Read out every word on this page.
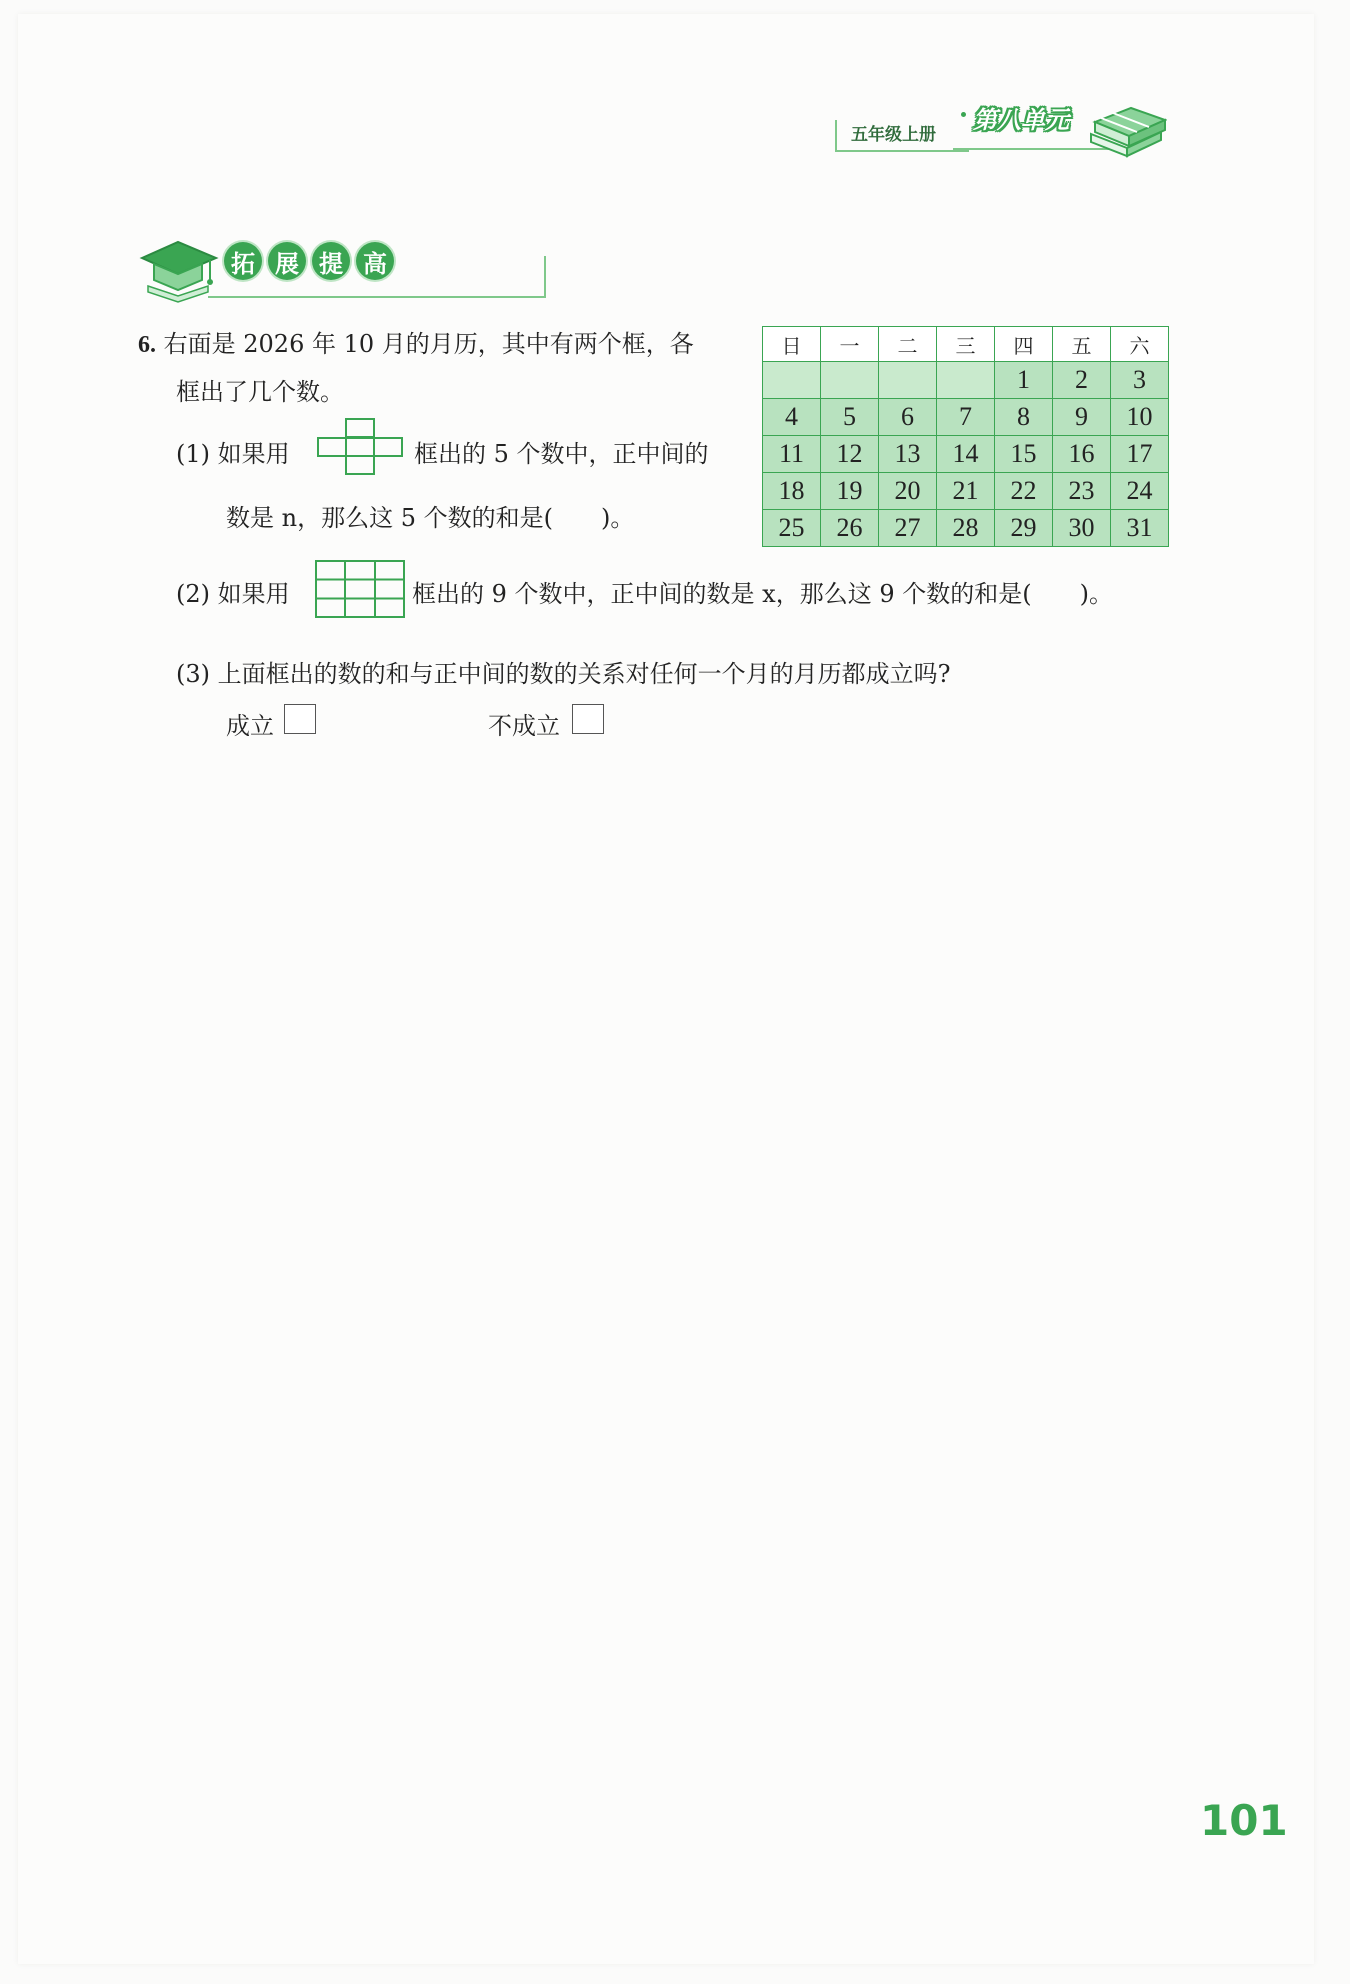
五年级上册
第八单元
拓 展 提 高
6. 右面是 2026 年 10 月的月历，其中有两个框，各
框出了几个数。
(1) 如果用	框出的 5 个数中，正中间的
数是 n，那么这 5 个数的和是(　　)。
日	一	二	三	四	五	六
				1	2	3
4	5	6	7	8	9	10
11	12	13	14	15	16	17
18	19	20	21	22	23	24
25	26	27	28	29	30	31
(2) 如果用	框出的 9 个数中，正中间的数是 x，那么这 9 个数的和是(　　)。
(3) 上面框出的数的和与正中间的数的关系对任何一个月的月历都成立吗?
成立	不成立
101
